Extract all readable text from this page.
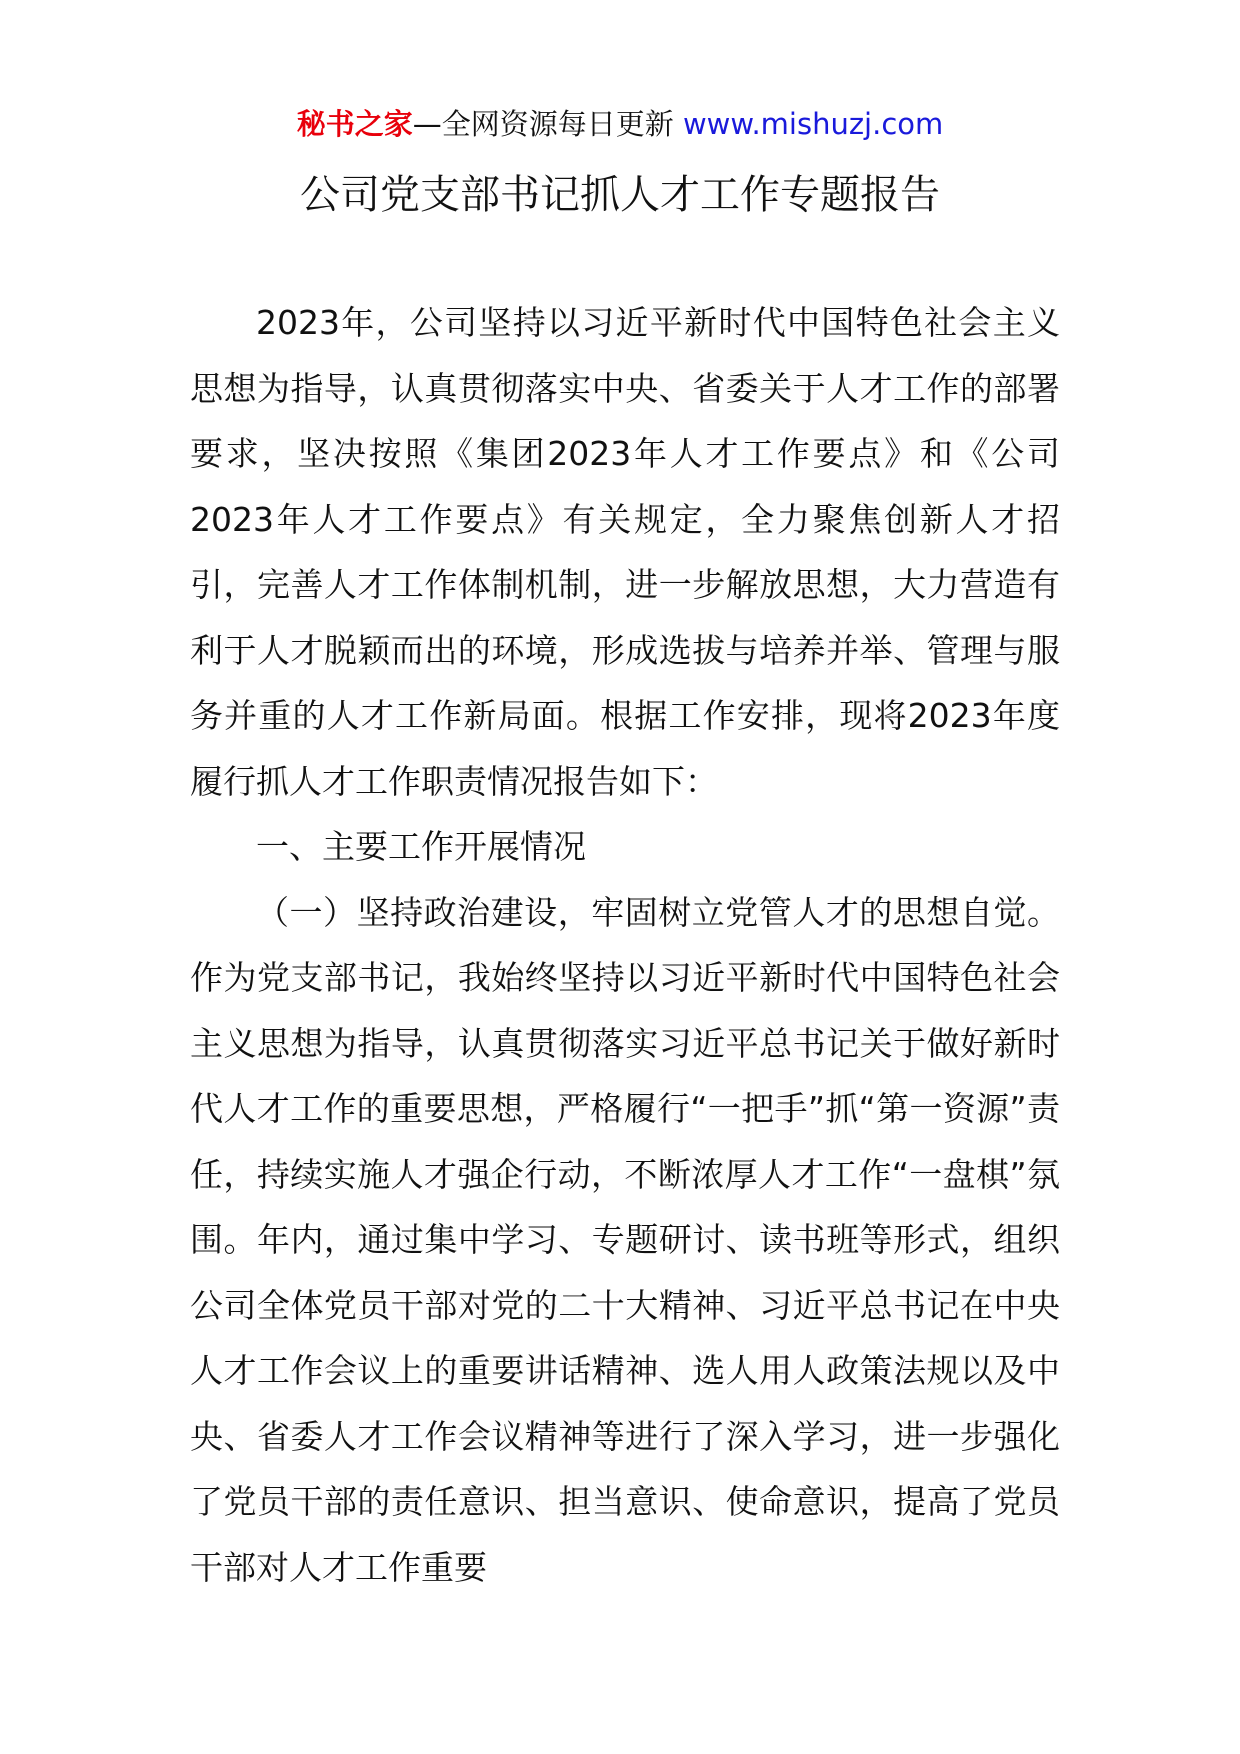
秘书之家—全网资源每日更新 www.mishuzj.com
公司党支部书记抓人才工作专题报告

2023年，公司坚持以习近平新时代中国特色社会主义思想为指导，认真贯彻落实中央、省委关于人才工作的部署要求，坚决按照《集团2023年人才工作要点》和《公司2023年人才工作要点》有关规定，全力聚焦创新人才招引，完善人才工作体制机制，进一步解放思想，大力营造有利于人才脱颖而出的环境，形成选拔与培养并举、管理与服务并重的人才工作新局面。根据工作安排，现将2023年度履行抓人才工作职责情况报告如下：

一、主要工作开展情况

（一）坚持政治建设，牢固树立党管人才的思想自觉。作为党支部书记，我始终坚持以习近平新时代中国特色社会主义思想为指导，认真贯彻落实习近平总书记关于做好新时代人才工作的重要思想，严格履行“一把手”抓“第一资源”责任，持续实施人才强企行动，不断浓厚人才工作“一盘棋”氛围。年内，通过集中学习、专题研讨、读书班等形式，组织公司全体党员干部对党的二十大精神、习近平总书记在中央人才工作会议上的重要讲话精神、选人用人政策法规以及中央、省委人才工作会议精神等进行了深入学习，进一步强化了党员干部的责任意识、担当意识、使命意识，提高了党员干部对人才工作重要
